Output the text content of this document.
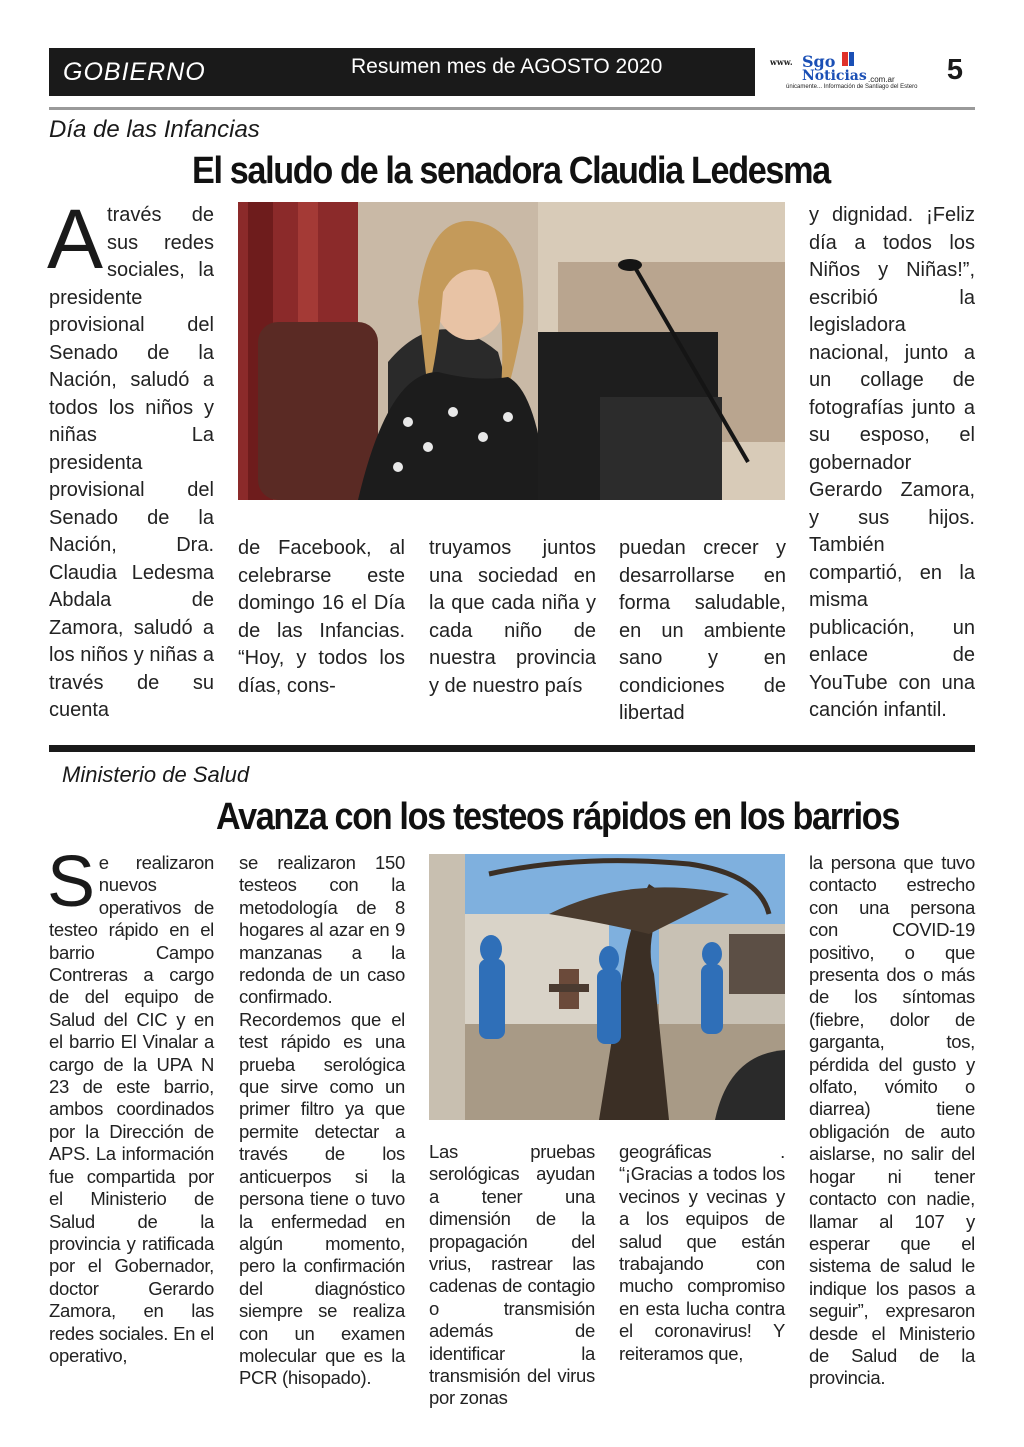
GOBIERNO	Resumen mes de AGOSTO 2020	www. Sgo
Noticias .com.ar
únicamente... Información de Santiago del Estero
5
Día de las Infancias
El saludo de la senadora Claudia Ledesma
A través de sus redes sociales, la presidente provisional del Senado de la Nación, saludó a todos los niños y niñas La presidenta provisional del Senado de la Nación, Dra. Claudia Ledesma Abdala de Zamora, saludó a los niños y niñas a través de su cuenta
de Facebook, al celebrarse este domingo 16 el Día de las Infancias. “Hoy, y todos los días, cons-
truyamos juntos una sociedad en la que cada niña y cada niño de nuestra provincia y de nuestro país
puedan crecer y desarrollarse en forma saludable, en un ambiente sano y en condiciones de libertad
y dignidad. ¡Feliz día a todos los Niños y Niñas!”, escribió la legisladora nacional, junto a un collage de fotografías junto a su esposo, el gobernador Gerardo Zamora, y sus hijos. También compartió, en la misma publicación, un enlace de YouTube con una canción infantil.
Ministerio de Salud
Avanza con los testeos rápidos en los barrios
S e realizaron nuevos operativos de testeo rápido en el barrio Campo Contreras a cargo de del equipo de Salud del CIC y en el barrio El Vinalar a cargo de la UPA N 23 de este barrio, ambos coordinados por la Dirección de APS. La información fue compartida por el Ministerio de Salud de la provincia y ratificada por el Gobernador, doctor Gerardo Zamora, en las redes sociales. En el operativo,
se realizaron 150 testeos con la metodología de 8 hogares al azar en 9 manzanas a la redonda de un caso confirmado. Recordemos que el test rápido es una prueba serológica que sirve como un primer filtro ya que permite detectar a través de los anticuerpos si la persona tiene o tuvo la enfermedad en algún momento, pero la confirmación del diagnóstico siempre se realiza con un examen molecular que es la PCR (hisopado).
Las pruebas serológicas ayudan a tener una dimensión de la propagación del vrius, rastrear las cadenas de contagio o transmisión además de identificar la transmisión del virus por zonas
geográficas . “¡Gracias a todos los vecinos y vecinas y a los equipos de salud que están trabajando con mucho compromiso en esta lucha contra el coronavirus! Y reiteramos que,
la persona que tuvo contacto estrecho con una persona con COVID-19 positivo, o que presenta dos o más de los síntomas (fiebre, dolor de garganta, tos, pérdida del gusto y olfato, vómito o diarrea) tiene obligación de auto aislarse, no salir del hogar ni tener contacto con nadie, llamar al 107 y esperar que el sistema de salud le indique los pasos a seguir”, expresaron desde el Ministerio de Salud de la provincia.
